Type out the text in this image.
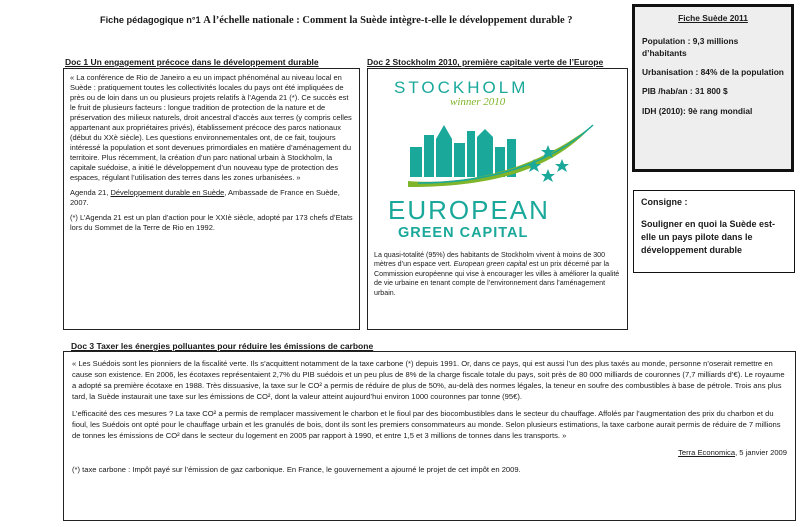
Fiche pédagogique n°1 A l’échelle nationale : Comment la Suède intègre-t-elle le développement durable ?	Fiche Suède 2011
Population : 9,3 millions d’habitants
Urbanisation : 84% de la population
PIB /hab/an : 31 800 $
IDH (2010): 9è rang mondial
Consigne :
Souligner en quoi la Suède est-elle un pays pilote dans le développement durable
Doc 1 Un engagement précoce dans le développement durable

« La conférence de Rio de Janeiro a eu un impact phénoménal au niveau local en Suède : pratiquement toutes les collectivités locales du pays ont été impliquées de près ou de loin dans un ou plusieurs projets relatifs à l’Agenda 21 (*). Ce succès est le fruit de plusieurs facteurs : longue tradition de protection de la nature et de préservation des milieux naturels, droit ancestral d’accès aux terres (y compris celles appartenant aux propriétaires privés), établissement précoce des parcs nationaux (début du XXè siècle). Les questions environnementales ont, de ce fait, toujours intéressé la population et sont devenues primordiales en matière d’aménagement du territoire. Plus récemment, la création d’un parc national urbain à Stockholm, la capitale suédoise, a initié le développement d’un nouveau type de protection des espaces, régulant l’utilisation des terres dans les zones urbanisées. »

Agenda 21, Développement durable en Suède, Ambassade de France en Suède, 2007.

(*) L’Agenda 21 est un plan d’action pour le XXIè siècle, adopté par 173 chefs d’Etats lors du Sommet de la Terre de Rio en 1992.

Doc 2 Stockholm 2010, première capitale verte de l’Europe
STOCKHOLM
winner 2010
EUROPEAN
GREEN CAPITAL
La quasi-totalité (95%) des habitants de Stockholm vivent à moins de 300 mètres d’un espace vert. European green capital est un prix décerné par la Commission européenne qui vise à encourager les villes à améliorer la qualité de vie urbaine en tenant compte de l’environnement dans l’aménagement urbain.
Doc 3 Taxer les énergies polluantes pour réduire les émissions de carbone

« Les Suédois sont les pionniers de la fiscalité verte. Ils s’acquittent notamment de la taxe carbone (*) depuis 1991. Or, dans ce pays, qui est aussi l’un des plus taxés au monde, personne n’oserait remettre en cause son existence. En 2006, les écotaxes représentaient 2,7% du PIB suédois et un peu plus de 8% de la charge fiscale totale du pays, soit près de 80 000 milliards de couronnes (7,7 milliards d’€). Le royaume a adopté sa première écotaxe en 1988. Très dissuasive, la taxe sur le CO² a permis de réduire de plus de 50%, au-delà des normes légales, la teneur en soufre des combustibles à base de pétrole. Trois ans plus tard, la Suède instaurait une taxe sur les émissions de CO², dont la valeur atteint aujourd’hui environ 1000 couronnes par tonne (95€).

L’efficacité des ces mesures ? La taxe CO² a permis de remplacer massivement le charbon et le fioul par des biocombustibles dans le secteur du chauffage. Affolés par l’augmentation des prix du charbon et du fioul, les Suédois ont opté pour le chauffage urbain et les granulés de bois, dont ils sont les premiers consommateurs au monde. Selon plusieurs estimations, la taxe carbone aurait permis de réduire de 7 millions de tonnes les émissions de CO² dans le secteur du logement en 2005 par rapport à 1990, et entre 1,5 et 3 millions de tonnes dans les transports. »

Terra Economica, 5 janvier 2009

(*) taxe carbone : Impôt payé sur l’émission de gaz carbonique. En France, le gouvernement a ajourné le projet de cet impôt en 2009.
